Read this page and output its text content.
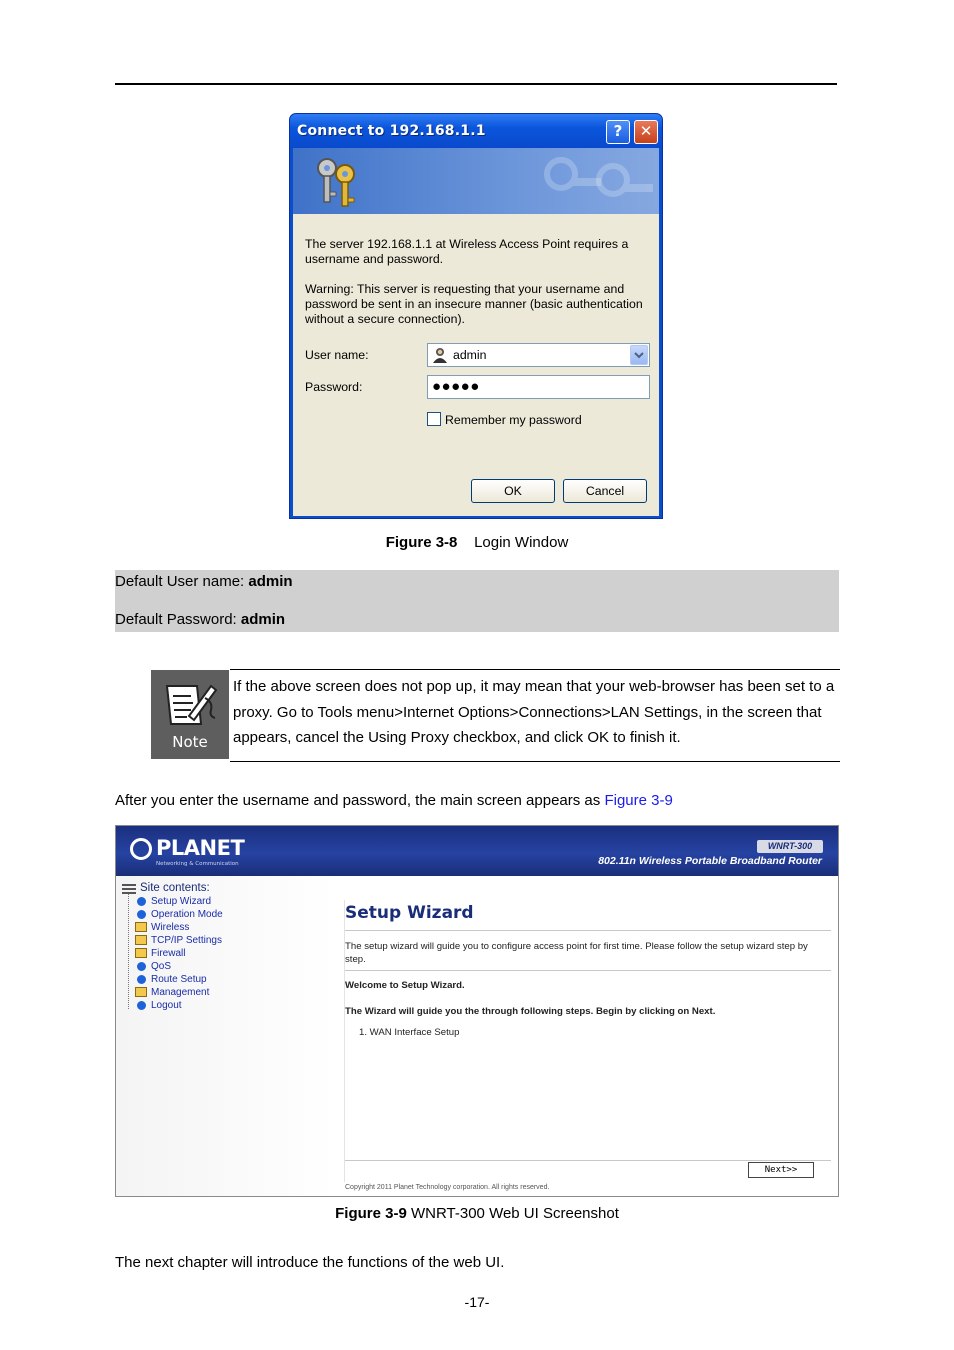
Connect to 192.168.1.1	?	✕
The server 192.168.1.1 at Wireless Access Point requires a username and password.
Warning: This server is requesting that your username and password be sent in an insecure manner (basic authentication without a secure connection).
User name:	admin
Password:	●●●●●
Remember my password
OK	Cancel
Figure 3-8 Login Window
Default User name: admin
Default Password: admin
Note
If the above screen does not pop up, it may mean that your web-browser has been set to a proxy. Go to Tools menu>Internet Options>Connections>LAN Settings, in the screen that appears, cancel the Using Proxy checkbox, and click OK to finish it.
After you enter the username and password, the main screen appears as Figure 3-9
PLANET
Networking & Communication
WNRT-300
802.11n Wireless Portable Broadband Router
Site contents:
Setup Wizard
Operation Mode
Wireless
TCP/IP Settings
Firewall
QoS
Route Setup
Management
Logout
Setup Wizard
The setup wizard will guide you to configure access point for first time. Please follow the setup wizard step by step.
Welcome to Setup Wizard.
The Wizard will guide you the through following steps. Begin by clicking on Next.
1. WAN Interface Setup
Next>>
Copyright 2011 Planet Technology corporation. All rights reserved.
Figure 3-9 WNRT-300 Web UI Screenshot
The next chapter will introduce the functions of the web UI.
-17-
